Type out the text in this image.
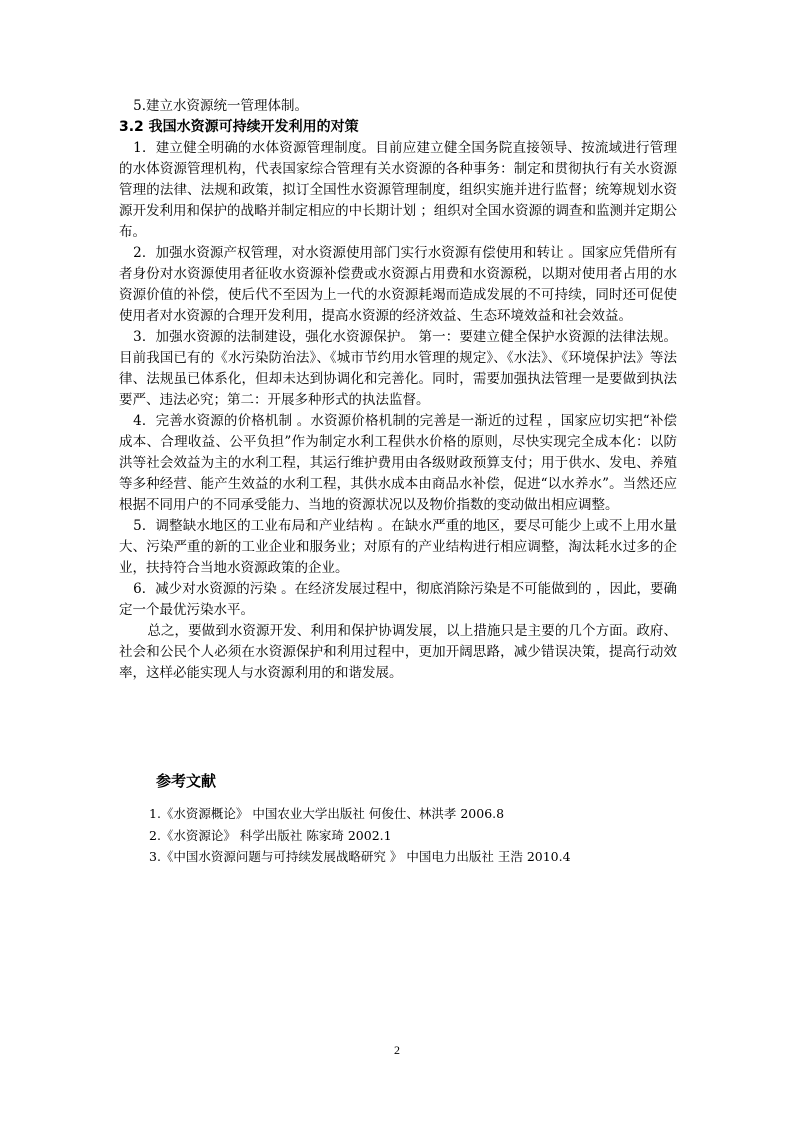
5.建立水资源统一管理体制。

3.2 我国水资源可持续开发利用的对策

1．建立健全明确的水体资源管理制度。目前应建立健全国务院直接领导、按流域进行管理的水体资源管理机构，代表国家综合管理有关水资源的各种事务：制定和贯彻执行有关水资源管理的法律、法规和政策，拟订全国性水资源管理制度，组织实施并进行监督；统筹规划水资源开发利用和保护的战略并制定相应的中长期计划 ；组织对全国水资源的调查和监测并定期公布。

2．加强水资源产权管理，对水资源使用部门实行水资源有偿使用和转让 。国家应凭借所有者身份对水资源使用者征收水资源补偿费或水资源占用费和水资源税，以期对使用者占用的水资源价值的补偿，使后代不至因为上一代的水资源耗竭而造成发展的不可持续，同时还可促使使用者对水资源的合理开发利用，提高水资源的经济效益、生态环境效益和社会效益。

3．加强水资源的法制建设，强化水资源保护。 第一：要建立健全保护水资源的法律法规。目前我国已有的《水污染防治法》、《城市节约用水管理的规定》、《水法》、《环境保护法》等法律、法规虽已体系化，但却未达到协调化和完善化。同时，需要加强执法管理一是要做到执法要严、违法必究；第二：开展多种形式的执法监督。

4．完善水资源的价格机制 。水资源价格机制的完善是一渐近的过程 ，国家应切实把“补偿成本、合理收益、公平负担”作为制定水利工程供水价格的原则，尽快实现完全成本化：以防洪等社会效益为主的水利工程，其运行维护费用由各级财政预算支付；用于供水、发电、养殖等多种经营、能产生效益的水利工程，其供水成本由商品水补偿，促进“以水养水”。当然还应根据不同用户的不同承受能力、当地的资源状况以及物价指数的变动做出相应调整。

5．调整缺水地区的工业布局和产业结构 。在缺水严重的地区，要尽可能少上或不上用水量大、污染严重的新的工业企业和服务业；对原有的产业结构进行相应调整，淘汰耗水过多的企业，扶持符合当地水资源政策的企业。

6．减少对水资源的污染 。在经济发展过程中，彻底消除污染是不可能做到的 ，因此，要确定一个最优污染水平。

总之，要做到水资源开发、利用和保护协调发展，以上措施只是主要的几个方面。政府、社会和公民个人必须在水资源保护和利用过程中，更加开阔思路，减少错误决策，提高行动效率，这样必能实现人与水资源利用的和谐发展。

参考文献

1.《水资源概论》 中国农业大学出版社 何俊仕、林洪孝 2006.8

2.《水资源论》 科学出版社 陈家琦 2002.1

3.《中国水资源问题与可持续发展战略研究 》 中国电力出版社 王浩 2010.4

2
